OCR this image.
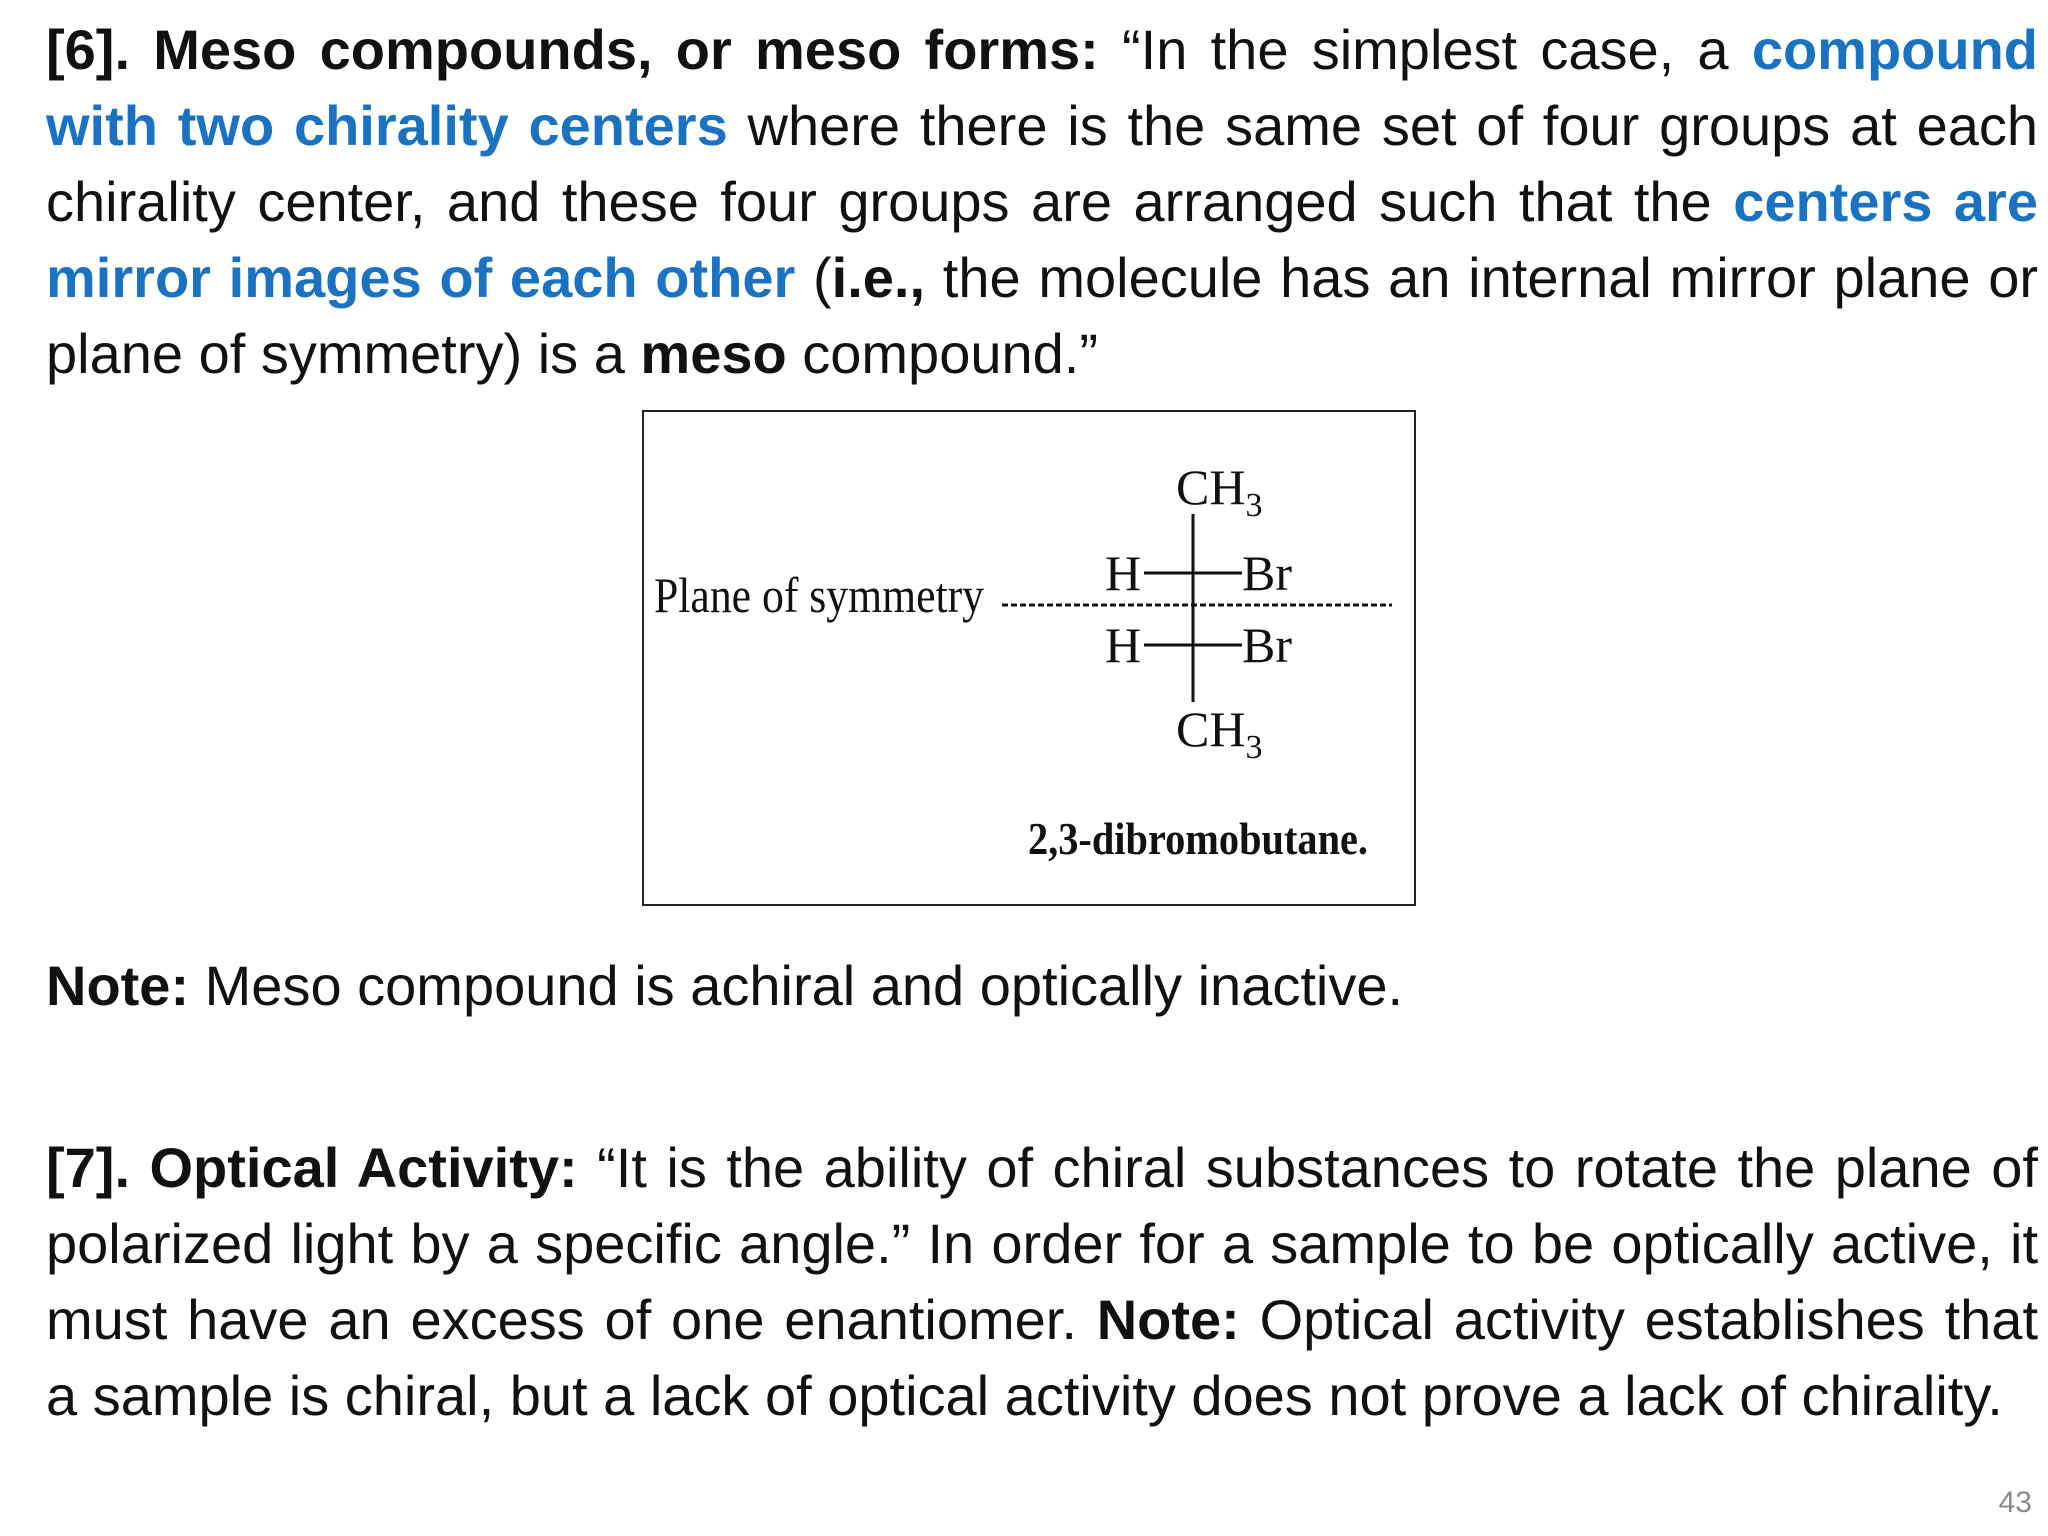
[6]. Meso compounds, or meso forms: “In the simplest case, a compound with two chirality centers where there is the same set of four groups at each chirality center, and these four groups are arranged such that the centers are mirror images of each other (i.e., the molecule has an internal mirror plane or plane of symmetry) is a meso compound.”

Plane of symmetry
$CH_3$
H Br
H Br
$CH_3$
2,3-dibromobutane.

Note: Meso compound is achiral and optically inactive.

[7]. Optical Activity: “It is the ability of chiral substances to rotate the plane of polarized light by a specific angle.” In order for a sample to be optically active, it must have an excess of one enantiomer. Note: Optical activity establishes that a sample is chiral, but a lack of optical activity does not prove a lack of chirality.

43
